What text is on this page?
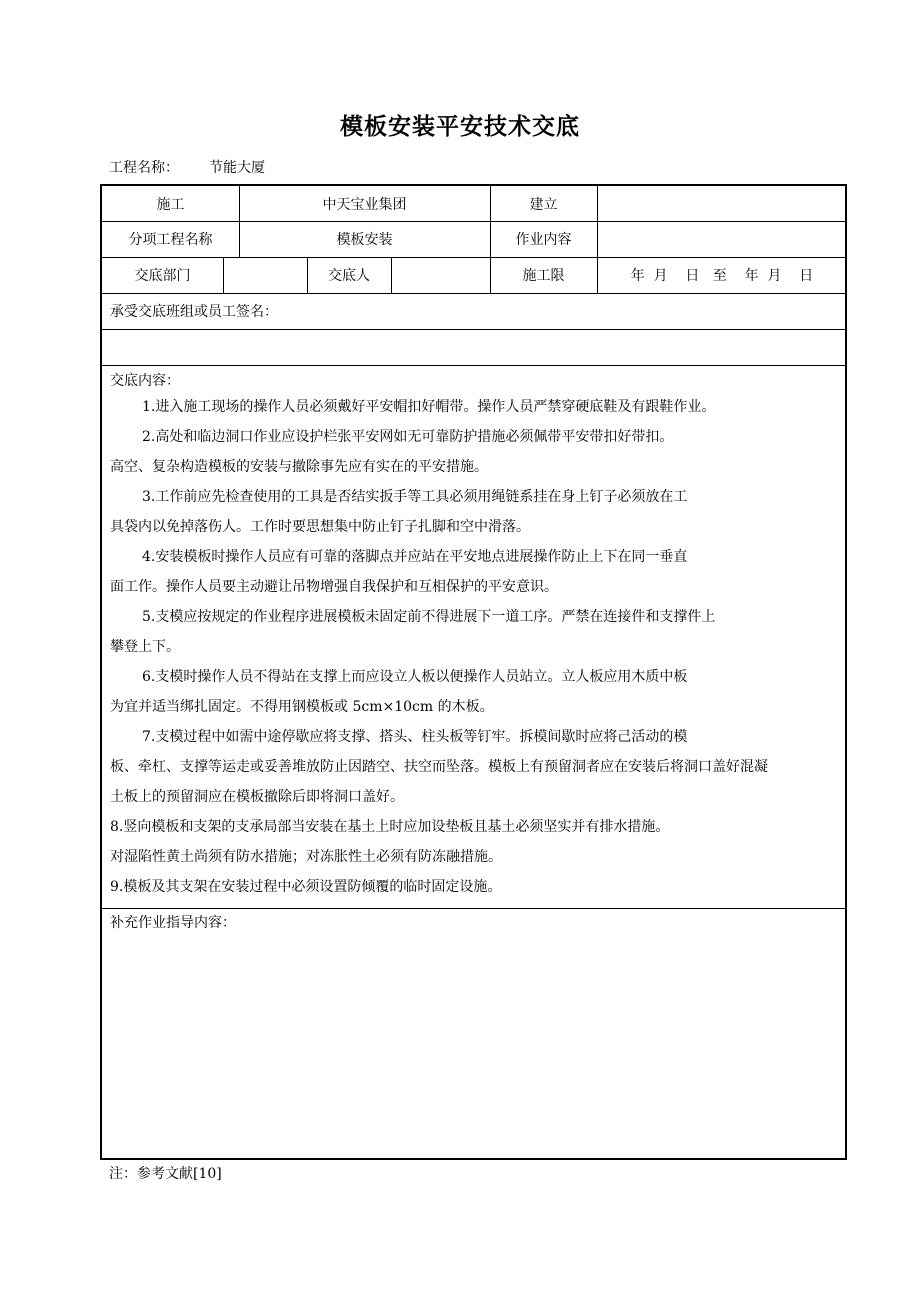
模板安装平安技术交底
工程名称： 节能大厦
施工	中天宝业集团	建立
分项工程名称	模板安装	作业内容
交底部门	交底人	施工限	年  月    日   至    年  月    日
承受交底班组或员工签名：
交底内容：

1.进入施工现场的操作人员必须戴好平安帽扣好帽带。操作人员严禁穿硬底鞋及有跟鞋作业。

2.高处和临边洞口作业应设护栏张平安网如无可靠防护措施必须佩带平安带扣好带扣。

高空、复杂构造模板的安装与撤除事先应有实在的平安措施。

3.工作前应先检查使用的工具是否结实扳手等工具必须用绳链系挂在身上钉子必须放在工

具袋内以免掉落伤人。工作时要思想集中防止钉子扎脚和空中滑落。

4.安装模板时操作人员应有可靠的落脚点并应站在平安地点进展操作防止上下在同一垂直

面工作。操作人员要主动避让吊物增强自我保护和互相保护的平安意识。

5.支模应按规定的作业程序进展模板未固定前不得进展下一道工序。严禁在连接件和支撑件上

攀登上下。

6.支模时操作人员不得站在支撑上而应设立人板以便操作人员站立。立人板应用木质中板

为宜并适当绑扎固定。不得用钢模板或 5cm×10cm 的木板。

7.支模过程中如需中途停歇应将支撑、搭头、柱头板等钉牢。拆模间歇时应将己活动的模

板、牵杠、支撑等运走或妥善堆放防止因踏空、扶空而坠落。模板上有预留洞者应在安装后将洞口盖好混凝

土板上的预留洞应在模板撤除后即将洞口盖好。

8.竖向模板和支架的支承局部当安装在基土上时应加设垫板且基土必须坚实并有排水措施。

对湿陷性黄土尚须有防水措施；对冻胀性土必须有防冻融措施。

9.模板及其支架在安装过程中必须设置防倾覆的临时固定设施。

补充作业指导内容：
注：参考文献[10]
